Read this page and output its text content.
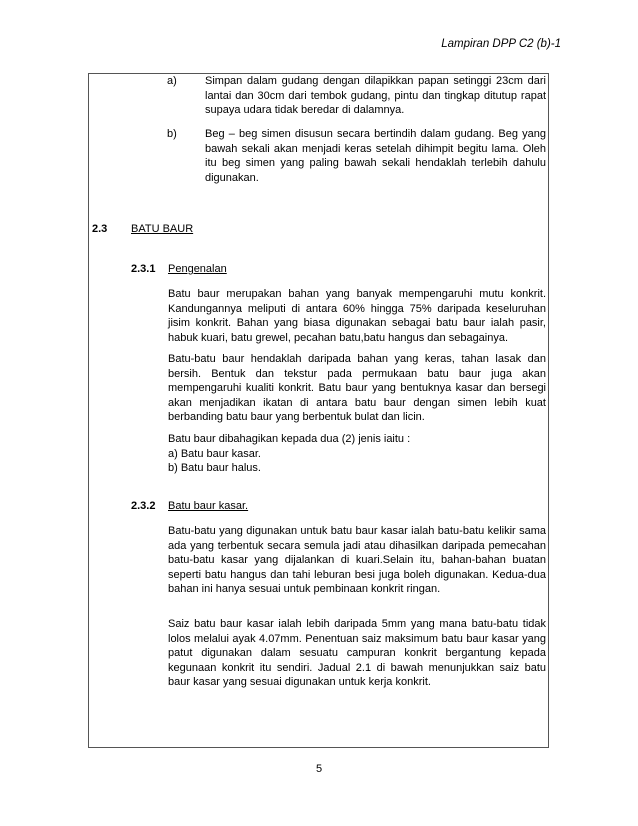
Lampiran DPP C2 (b)-1
a)	Simpan dalam gudang dengan dilapikkan papan setinggi 23cm dari lantai dan 30cm dari tembok gudang, pintu dan tingkap ditutup rapat supaya udara tidak beredar di dalamnya.
b)	Beg – beg simen disusun secara bertindih dalam gudang. Beg yang bawah sekali akan menjadi keras setelah dihimpit begitu lama. Oleh itu beg simen yang paling bawah sekali hendaklah terlebih dahulu digunakan.
2.3 BATU BAUR
2.3.1 Pengenalan
Batu baur merupakan bahan yang banyak mempengaruhi mutu konkrit. Kandungannya meliputi di antara 60% hingga 75% daripada keseluruhan jisim konkrit. Bahan yang biasa digunakan sebagai batu baur ialah pasir, habuk kuari, batu grewel, pecahan batu,batu hangus dan sebagainya.
Batu-batu baur hendaklah daripada bahan yang keras, tahan lasak dan bersih. Bentuk dan tekstur pada permukaan batu baur juga akan mempengaruhi kualiti konkrit. Batu baur yang bentuknya kasar dan bersegi akan menjadikan ikatan di antara batu baur dengan simen lebih kuat berbanding batu baur yang berbentuk bulat dan licin.
Batu baur dibahagikan kepada dua (2) jenis iaitu :
a) Batu baur kasar.
b) Batu baur halus.
2.3.2 Batu baur kasar.
Batu-batu yang digunakan untuk batu baur kasar ialah batu-batu kelikir sama ada yang terbentuk secara semula jadi atau dihasilkan daripada pemecahan batu-batu kasar yang dijalankan di kuari.Selain itu, bahan-bahan buatan seperti batu hangus dan tahi leburan besi juga boleh digunakan. Kedua-dua bahan ini hanya sesuai untuk pembinaan konkrit ringan.
Saiz batu baur kasar ialah lebih daripada 5mm yang mana batu-batu tidak lolos melalui ayak 4.07mm. Penentuan saiz maksimum batu baur kasar yang patut digunakan dalam sesuatu campuran konkrit bergantung kepada kegunaan konkrit itu sendiri. Jadual 2.1 di bawah menunjukkan saiz batu baur kasar yang sesuai digunakan untuk kerja konkrit.
5
